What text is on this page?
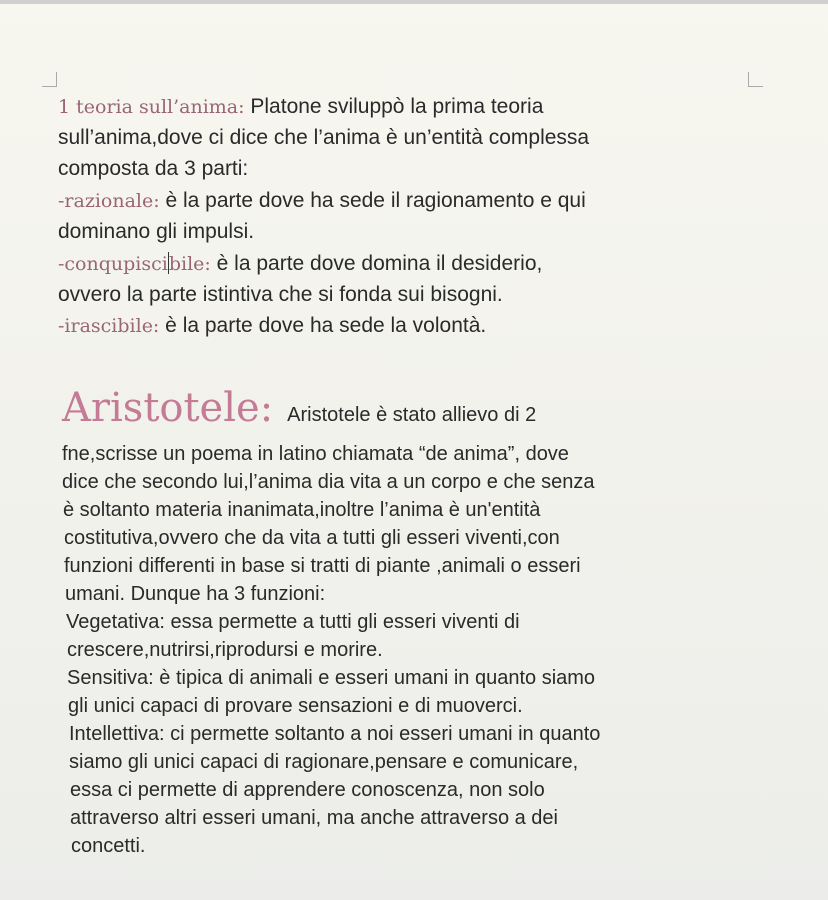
1 teoria sull’anima: Platone sviluppò la prima teoria
sull’anima,dove ci dice che l’anima è un’entità complessa
composta da 3 parti:
-razionale: è la parte dove ha sede il ragionamento e qui
dominano gli impulsi.
-conqupiscibile: è la parte dove domina il desiderio,
ovvero la parte istintiva che si fonda sui bisogni.
-irascibile: è la parte dove ha sede la volontà.
Aristotele: Aristotele è stato allievo di 2
fne,scrisse un poema in latino chiamata “de anima”, dove
dice che secondo lui,l’anima dia vita a un corpo e che senza
è soltanto materia inanimata,inoltre l’anima è un'entità
costitutiva,ovvero che da vita a tutti gli esseri viventi,con
funzioni differenti in base si tratti di piante ,animali o esseri
umani. Dunque ha 3 funzioni:
Vegetativa: essa permette a tutti gli esseri viventi di
crescere,nutrirsi,riprodursi e morire.
Sensitiva: è tipica di animali e esseri umani in quanto siamo
gli unici capaci di provare sensazioni e di muoverci.
Intellettiva: ci permette soltanto a noi esseri umani in quanto
siamo gli unici capaci di ragionare,pensare e comunicare,
essa ci permette di apprendere conoscenza, non solo
attraverso altri esseri umani, ma anche attraverso a dei
concetti.
